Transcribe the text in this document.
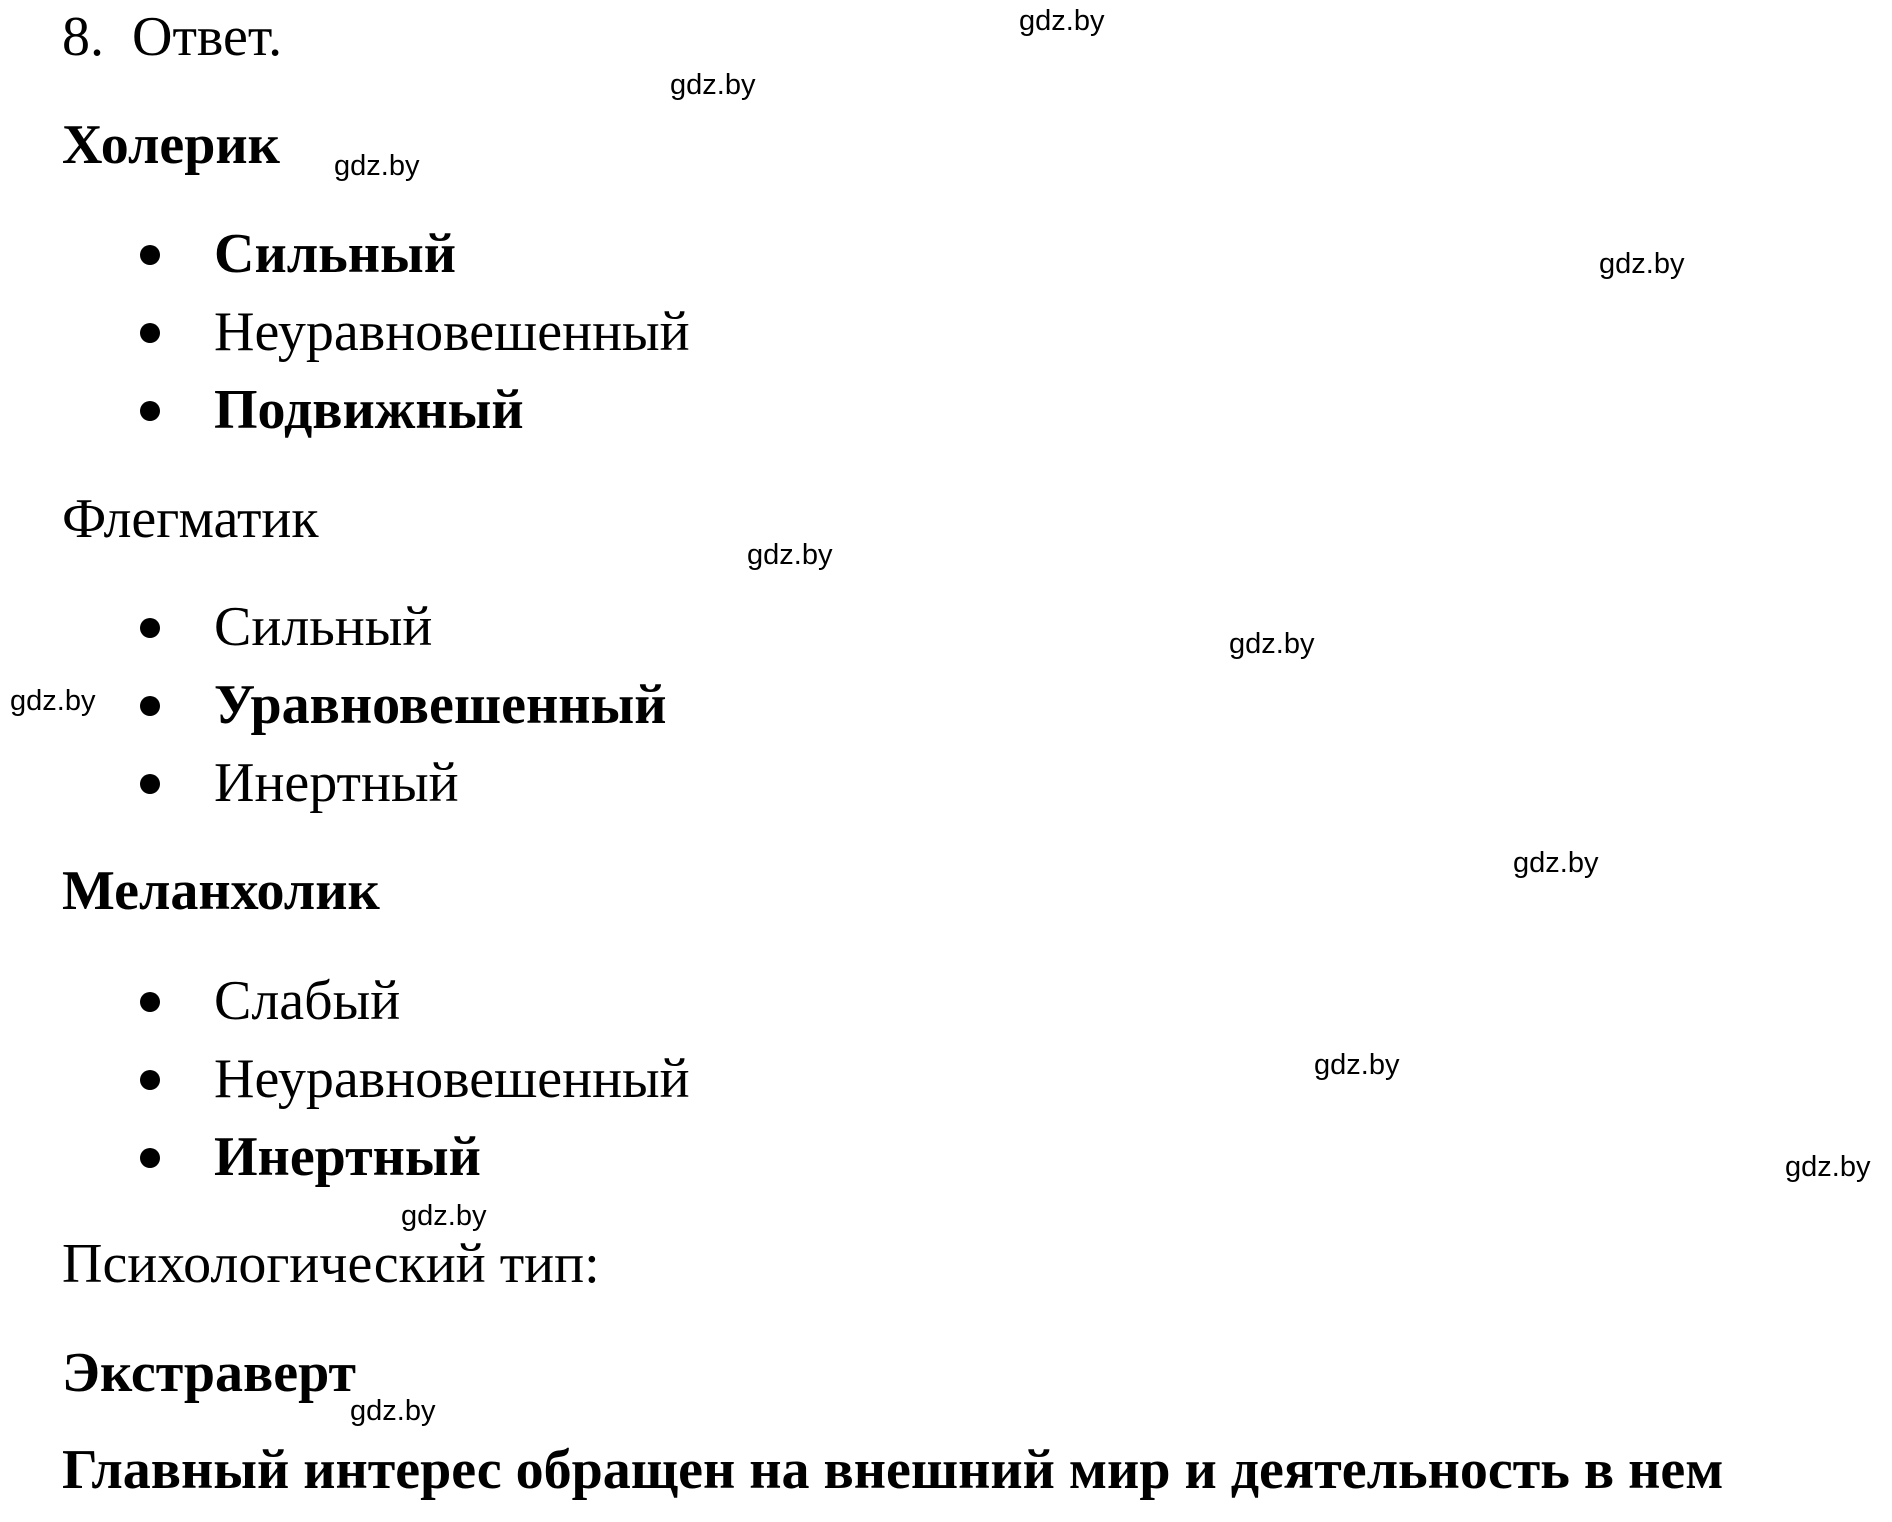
8. Ответ.
Холерик
Сильный
Неуравновешенный
Подвижный
Флегматик
Сильный
Уравновешенный
Инертный
Меланхолик
Слабый
Неуравновешенный
Инертный
Психологический тип:
Экстраверт
Главный интерес обращен на внешний мир и деятельность в нем
gdz.by
gdz.by
gdz.by
gdz.by
gdz.by
gdz.by
gdz.by
gdz.by
gdz.by
gdz.by
gdz.by
gdz.by
